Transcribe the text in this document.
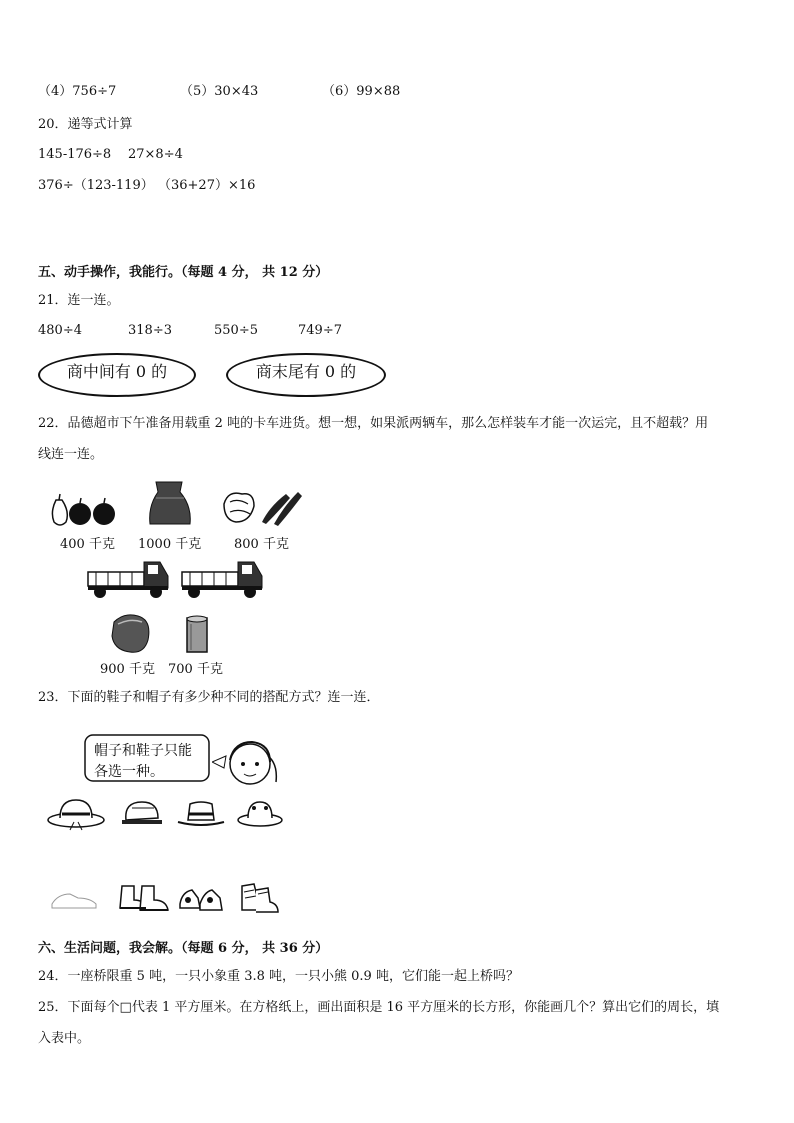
（4）756÷7	（5）30×43	（6）99×88
20．递等式计算
145-176÷8 27×8÷4
376÷（123-119） （36+27）×16
五、动手操作，我能行。（每题 4 分， 共 12 分）
21．连一连。
480÷4	318÷3	550÷5	749÷7
商中间有 0 的	商末尾有 0 的
22．品德超市下午准备用载重 2 吨的卡车进货。想一想，如果派两辆车，那么怎样装车才能一次运完，且不超载？用
线连一连。
400 千克 1000 千克	800 千克
900 千克 700 千克
23．下面的鞋子和帽子有多少种不同的搭配方式？连一连．
帽子和鞋子只能
各选一种。
六、生活问题，我会解。（每题 6 分， 共 36 分）
24．一座桥限重 5 吨，一只小象重 3.8 吨，一只小熊 0.9 吨，它们能一起上桥吗？
25．下面每个□代表 1 平方厘米。在方格纸上，画出面积是 16 平方厘米的长方形，你能画几个？算出它们的周长，填
入表中。
